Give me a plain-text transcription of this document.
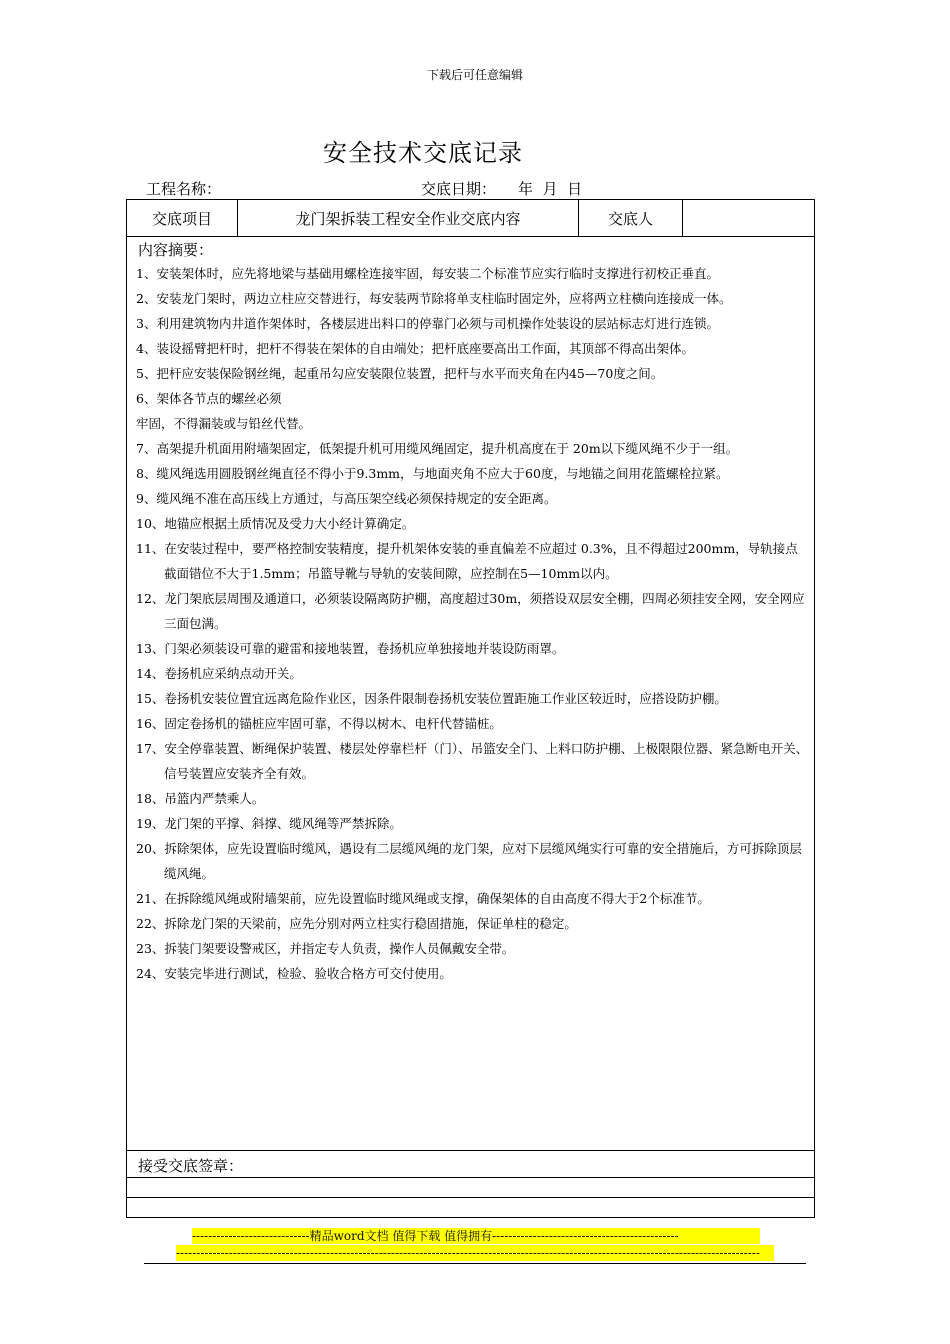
下载后可任意编辑
安全技术交底记录
工程名称：	交底日期： 年 月 日
交底项目	龙门架拆装工程安全作业交底内容	交底人
内容摘要：
1、安装架体时，应先将地梁与基础用螺栓连接牢固，每安装二个标准节应实行临时支撑进行初校正垂直。
2、安装龙门架时，两边立柱应交替进行，每安装两节除将单支柱临时固定外，应将两立柱横向连接成一体。
3、利用建筑物内井道作架体时，各楼层进出料口的停靠门必须与司机操作处装设的层站标志灯进行连锁。
4、装设摇臂把杆时，把杆不得装在架体的自由端处；把杆底座要高出工作面，其顶部不得高出架体。
5、把杆应安装保险钢丝绳，起重吊勾应安装限位装置，把杆与水平而夹角在内45—70度之间。
6、架体各节点的螺丝必须
牢固，不得漏装或与铅丝代替。
7、高架提升机面用附墙架固定，低架提升机可用缆风绳固定，提升机高度在于 20m以下缆风绳不少于一组。
8、缆风绳选用圆股钢丝绳直径不得小于9.3mm，与地面夹角不应大于60度，与地锚之间用花篮螺栓拉紧。
9、缆风绳不准在高压线上方通过，与高压架空线必须保持规定的安全距离。
10、地锚应根据土质情况及受力大小经计算确定。
11、在安装过程中，要严格控制安装精度，提升机架体安装的垂直偏差不应超过 0.3%，且不得超过200mm，导轨接点截面错位不大于1.5mm；吊篮导靴与导轨的安装间隙，应控制在5—10mm以内。
12、龙门架底层周围及通道口，必须装设隔离防护棚，高度超过30m，须搭设双层安全棚，四周必须挂安全网，安全网应三面包满。
13、门架必须装设可靠的避雷和接地装置，卷扬机应单独接地并装设防雨罩。
14、卷扬机应采纳点动开关。
15、卷扬机安装位置宜远离危险作业区，因条件限制卷扬机安装位置距施工作业区较近时，应搭设防护棚。
16、固定卷扬机的锚桩应牢固可靠，不得以树木、电杆代替锚桩。
17、安全停靠装置、断绳保护装置、楼层处停靠栏杆（门）、吊篮安全门、上料口防护棚、上极限限位器、紧急断电开关、信号装置应安装齐全有效。
18、吊篮内严禁乘人。
19、龙门架的平撑、斜撑、缆风绳等严禁拆除。
20、拆除架体，应先设置临时缆风，遇设有二层缆风绳的龙门架，应对下层缆风绳实行可靠的安全措施后，方可拆除顶层缆风绳。
21、在拆除缆风绳或附墙架前，应先设置临时缆风绳或支撑，确保架体的自由高度不得大于2个标准节。
22、拆除龙门架的天梁前，应先分别对两立柱实行稳固措施，保证单柱的稳定。
23、拆装门架要设警戒区，并指定专人负责，操作人员佩戴安全带。
24、安装完毕进行测试，检验、验收合格方可交付使用。
接受交底签章：
-----------------------------精品word文档 值得下载 值得拥有----------------------------------------------
------------------------------------------------------------------------------------------------------------------------------------------------
